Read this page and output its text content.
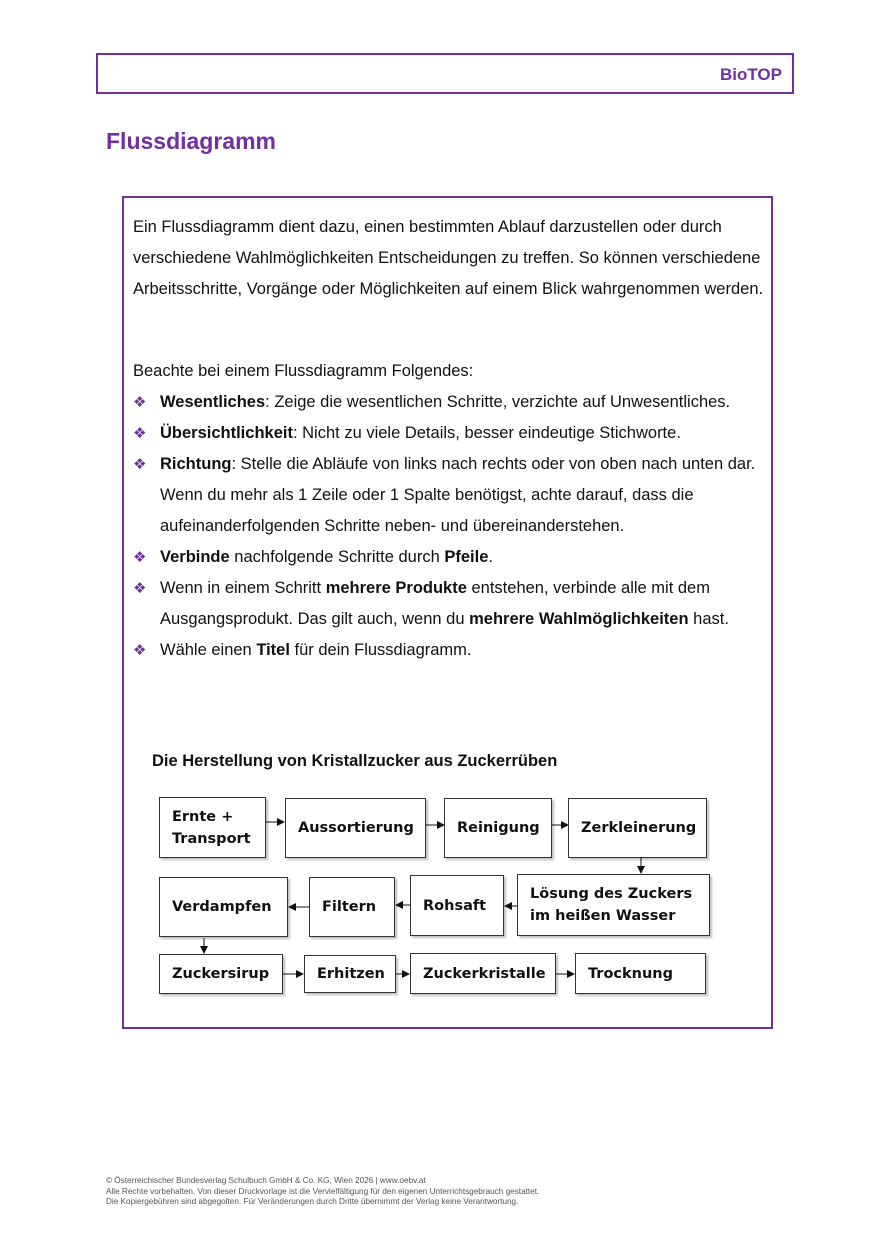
BioTOP
Flussdiagramm

Ein Flussdiagramm dient dazu, einen bestimmten Ablauf darzustellen oder durch verschiedene Wahlmöglichkeiten Entscheidungen zu treffen. So können verschiedene Arbeitsschritte, Vorgänge oder Möglichkeiten auf einem Blick wahrgenommen werden.

Beachte bei einem Flussdiagramm Folgendes:

❖ Wesentliches: Zeige die wesentlichen Schritte, verzichte auf Unwesentliches.
❖ Übersichtlichkeit: Nicht zu viele Details, besser eindeutige Stichworte.
❖ Richtung: Stelle die Abläufe von links nach rechts oder von oben nach unten dar. Wenn du mehr als 1 Zeile oder 1 Spalte benötigst, achte darauf, dass die aufeinanderfolgenden Schritte neben- und übereinanderstehen.
❖ Verbinde nachfolgende Schritte durch Pfeile.
❖ Wenn in einem Schritt mehrere Produkte entstehen, verbinde alle mit dem Ausgangsprodukt. Das gilt auch, wenn du mehrere Wahlmöglichkeiten hast.
❖ Wähle einen Titel für dein Flussdiagramm.

Die Herstellung von Kristallzucker aus Zuckerrüben

Ernte +
Transport
Aussortierung	Reinigung	Zerkleinerung
Lösung des Zuckers
im heißen Wasser
Rohsaft
Filtern
Verdampfen
Zuckersirup	Erhitzen	Zuckerkristalle	Trocknung
© Österreichischer Bundesverlag Schulbuch GmbH & Co. KG, Wien 2026 | www.oebv.at
Alle Rechte vorbehalten. Von dieser Druckvorlage ist die Vervielfältigung für den eigenen Unterrichtsgebrauch gestattet.
Die Kopiergebühren sind abgegolten. Für Veränderungen durch Dritte übernimmt der Verlag keine Verantwortung.
